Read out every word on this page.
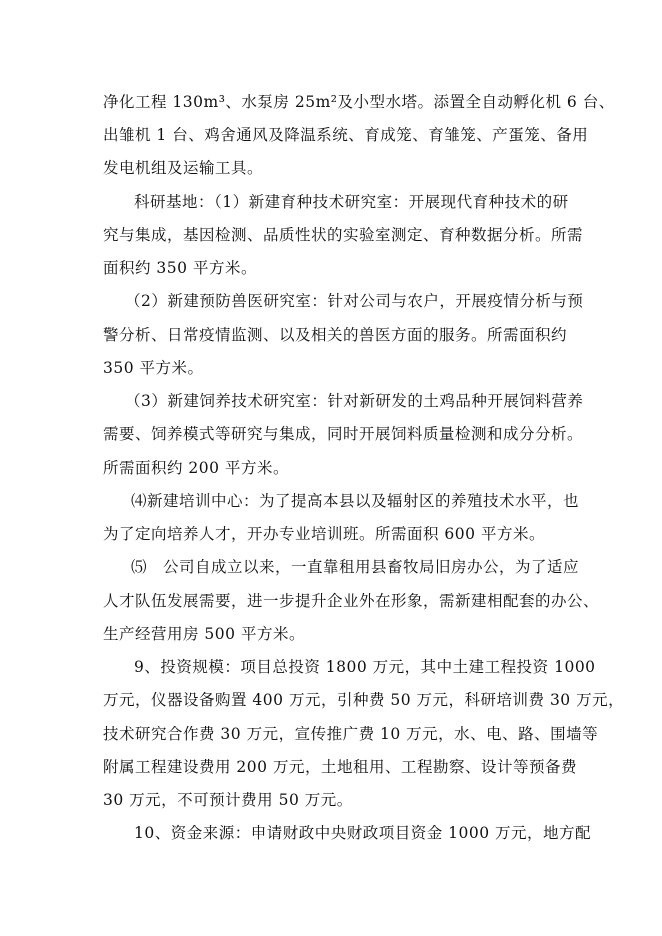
净化工程 130m³、水泵房 25m²及小型水塔。添置全自动孵化机 6 台、
出雏机 1 台、鸡舍通风及降温系统、育成笼、育雏笼、产蛋笼、备用
发电机组及运输工具。
科研基地：（1）新建育种技术研究室：开展现代育种技术的研
究与集成，基因检测、品质性状的实验室测定、育种数据分析。所需
面积约 350 平方米。
（2）新建预防兽医研究室：针对公司与农户，开展疫情分析与预
警分析、日常疫情监测、以及相关的兽医方面的服务。所需面积约
350 平方米。
（3）新建饲养技术研究室：针对新研发的土鸡品种开展饲料营养
需要、饲养模式等研究与集成，同时开展饲料质量检测和成分分析。
所需面积约 200 平方米。
⑷新建培训中心：为了提高本县以及辐射区的养殖技术水平，也
为了定向培养人才，开办专业培训班。所需面积 600 平方米。
⑸　公司自成立以来，一直靠租用县畜牧局旧房办公，为了适应
人才队伍发展需要，进一步提升企业外在形象，需新建相配套的办公、
生产经营用房 500 平方米。
9、投资规模：项目总投资 1800 万元，其中土建工程投资 1000
万元，仪器设备购置 400 万元，引种费 50 万元，科研培训费 30 万元，
技术研究合作费 30 万元，宣传推广费 10 万元，水、电、路、围墙等
附属工程建设费用 200 万元，土地租用、工程勘察、设计等预备费
30 万元，不可预计费用 50 万元。
10、资金来源：申请财政中央财政项目资金 1000 万元，地方配
